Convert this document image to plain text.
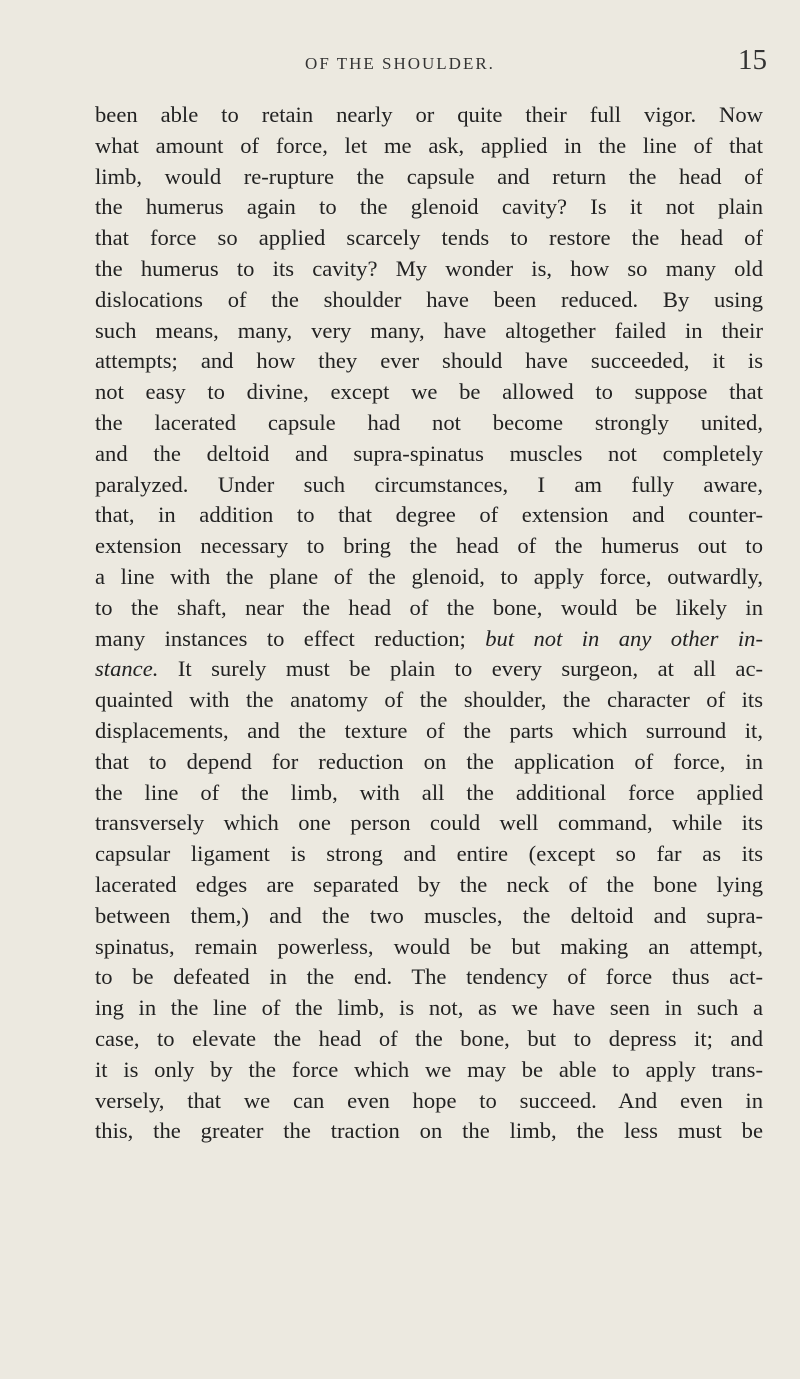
OF THE SHOULDER.	15
been able to retain nearly or quite their full vigor. Now
what amount of force, let me ask, applied in the line of that
limb, would re-rupture the capsule and return the head of
the humerus again to the glenoid cavity? Is it not plain
that force so applied scarcely tends to restore the head of
the humerus to its cavity? My wonder is, how so many old
dislocations of the shoulder have been reduced. By using
such means, many, very many, have altogether failed in their
attempts; and how they ever should have succeeded, it is
not easy to divine, except we be allowed to suppose that
the lacerated capsule had not become strongly united,
and the deltoid and supra-spinatus muscles not completely
paralyzed. Under such circumstances, I am fully aware,
that, in addition to that degree of extension and counter-
extension necessary to bring the head of the humerus out to
a line with the plane of the glenoid, to apply force, outwardly,
to the shaft, near the head of the bone, would be likely in
many instances to effect reduction; but not in any other in-
stance. It surely must be plain to every surgeon, at all ac-
quainted with the anatomy of the shoulder, the character of its
displacements, and the texture of the parts which surround it,
that to depend for reduction on the application of force, in
the line of the limb, with all the additional force applied
transversely which one person could well command, while its
capsular ligament is strong and entire (except so far as its
lacerated edges are separated by the neck of the bone lying
between them,) and the two muscles, the deltoid and supra-
spinatus, remain powerless, would be but making an attempt,
to be defeated in the end. The tendency of force thus act-
ing in the line of the limb, is not, as we have seen in such a
case, to elevate the head of the bone, but to depress it; and
it is only by the force which we may be able to apply trans-
versely, that we can even hope to succeed. And even in
this, the greater the traction on the limb, the less must be
